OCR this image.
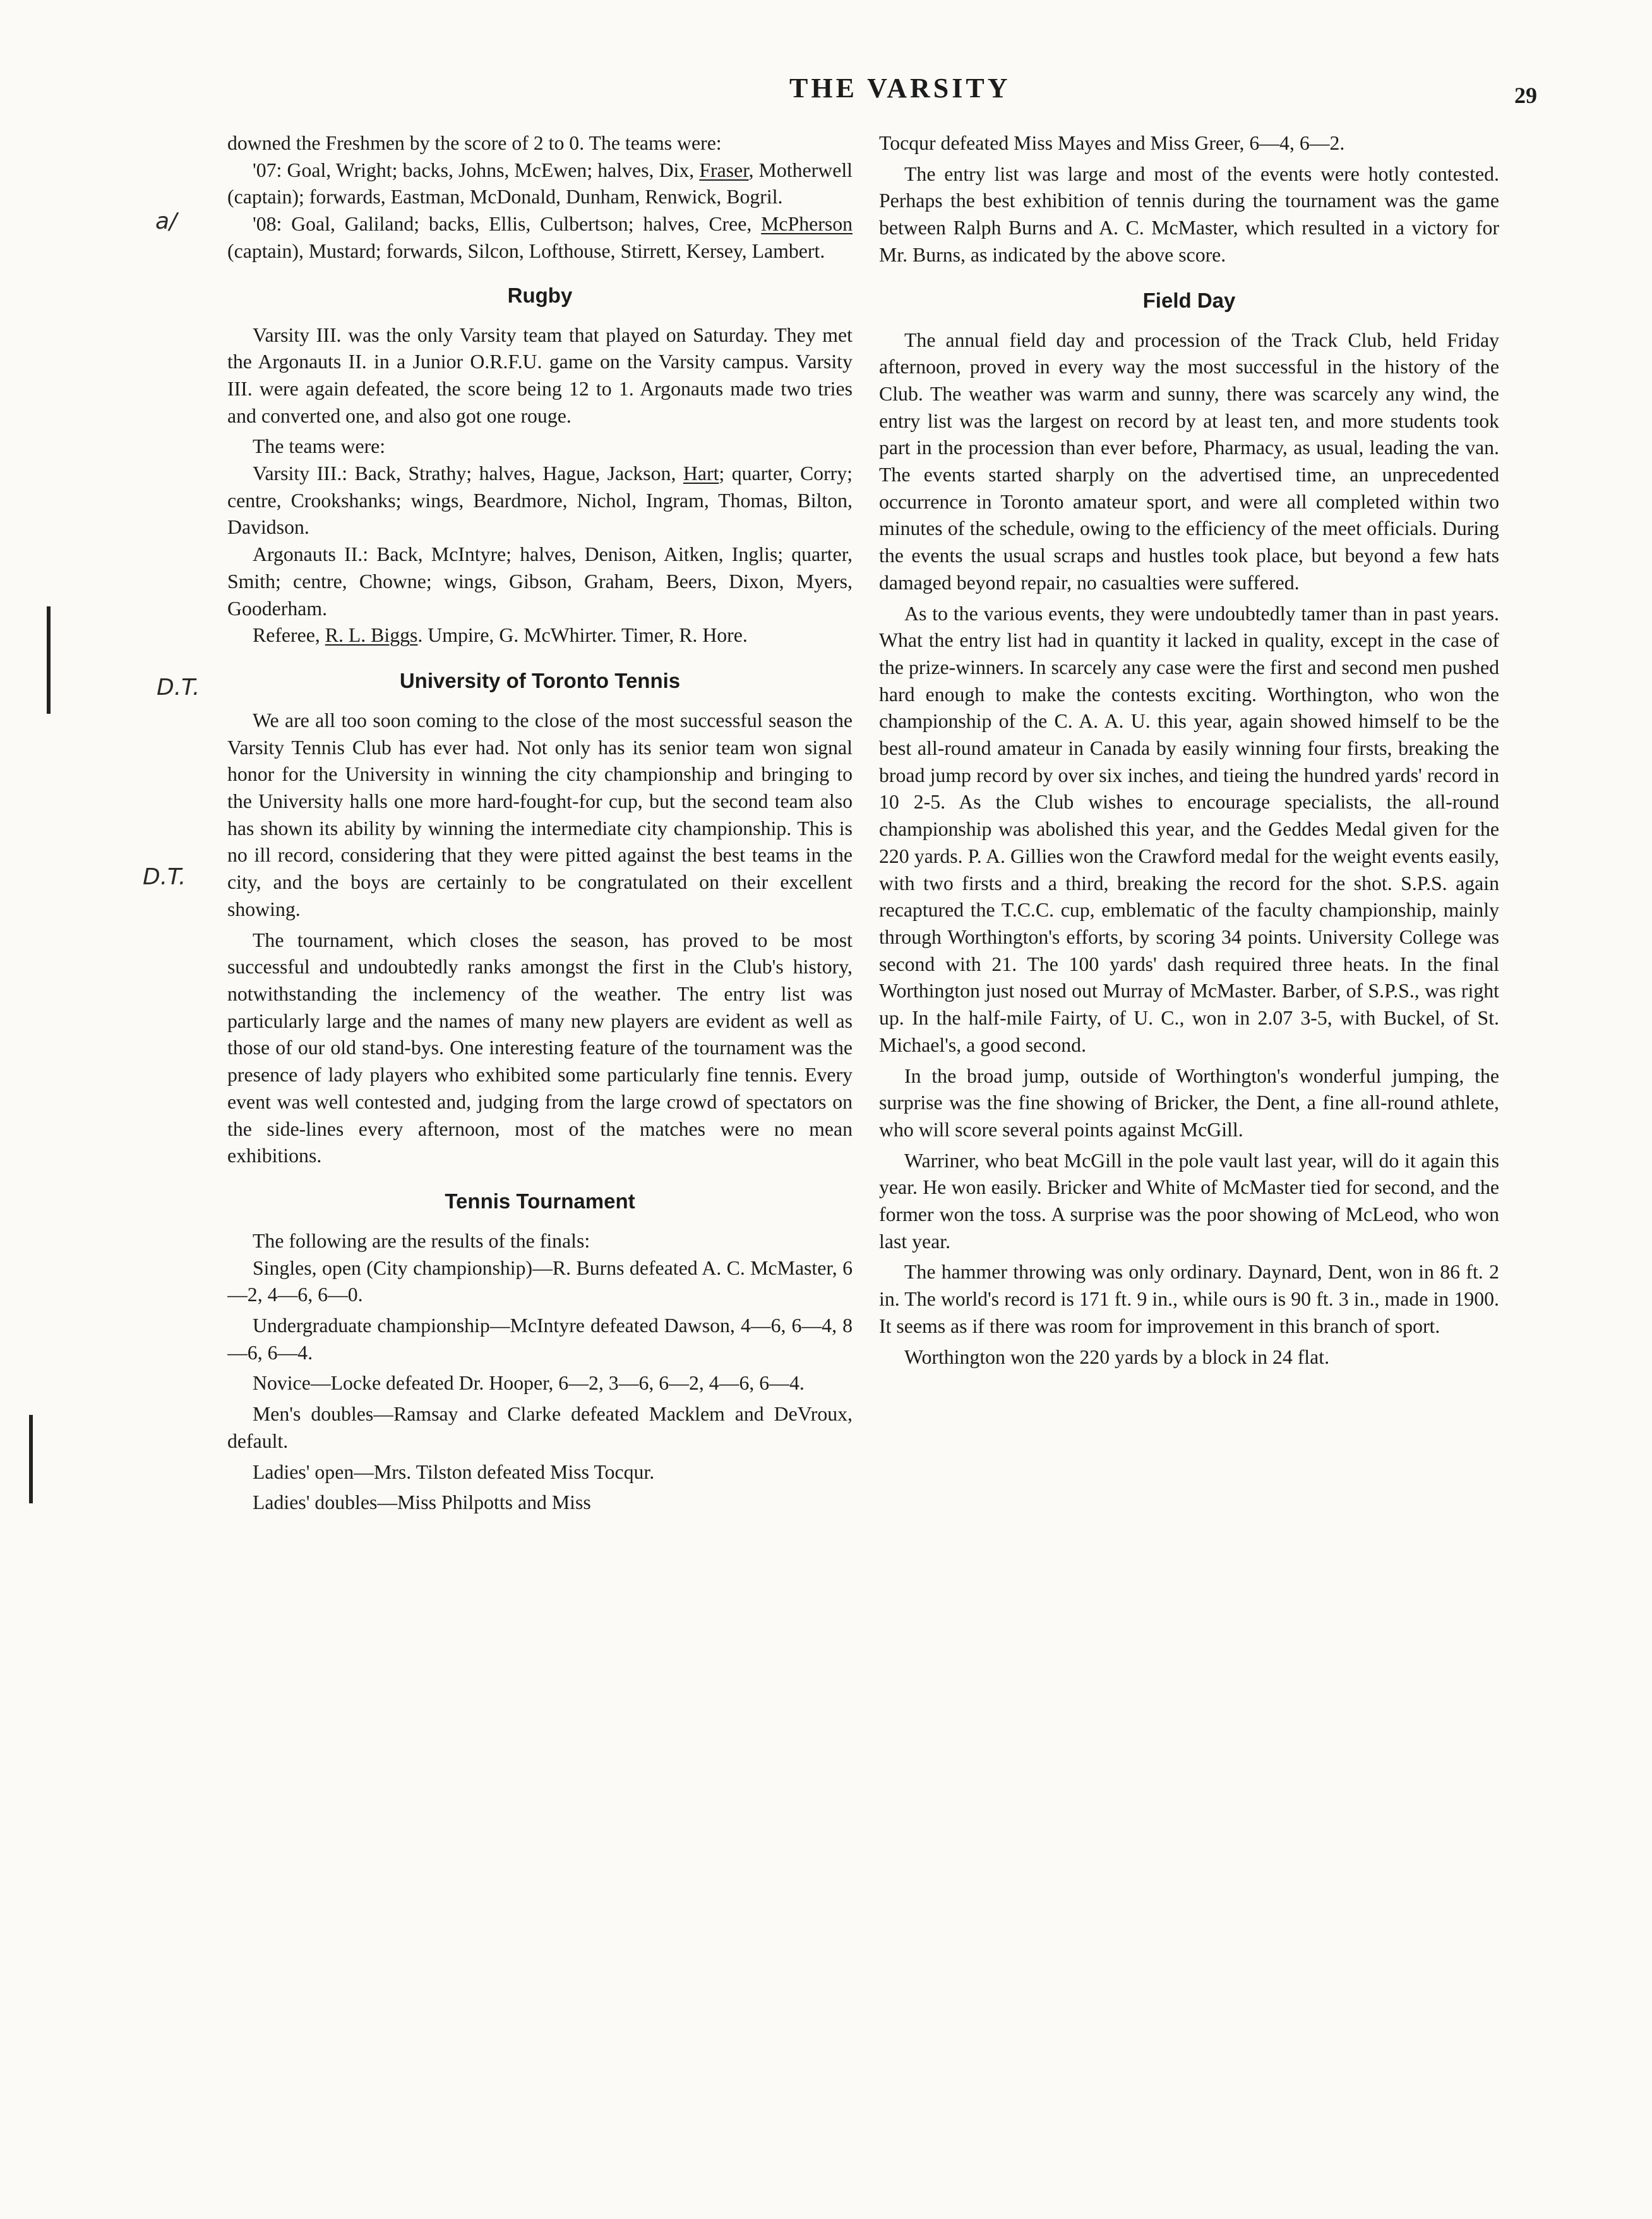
THE VARSITY	29
a/
D.T.
D.T.

downed the Freshmen by the score of 2 to 0. The teams were:

'07: Goal, Wright; backs, Johns, McEwen; halves, Dix, Fraser, Motherwell (captain); forwards, Eastman, McDonald, Dunham, Renwick, Bogril.

'08: Goal, Galiland; backs, Ellis, Culbertson; halves, Cree, McPherson (captain), Mustard; forwards, Silcon, Lofthouse, Stirrett, Kersey, Lambert.

Rugby

Varsity III. was the only Varsity team that played on Saturday. They met the Argonauts II. in a Junior O.R.F.U. game on the Varsity campus. Varsity III. were again defeated, the score being 12 to 1. Argonauts made two tries and converted one, and also got one rouge.

The teams were:

Varsity III.: Back, Strathy; halves, Hague, Jackson, Hart; quarter, Corry; centre, Crookshanks; wings, Beardmore, Nichol, Ingram, Thomas, Bilton, Davidson.

Argonauts II.: Back, McIntyre; halves, Denison, Aitken, Inglis; quarter, Smith; centre, Chowne; wings, Gibson, Graham, Beers, Dixon, Myers, Gooderham.

Referee, R. L. Biggs. Umpire, G. McWhirter. Timer, R. Hore.

University of Toronto Tennis

We are all too soon coming to the close of the most successful season the Varsity Tennis Club has ever had. Not only has its senior team won signal honor for the University in winning the city championship and bringing to the University halls one more hard-fought-for cup, but the second team also has shown its ability by winning the intermediate city championship. This is no ill record, considering that they were pitted against the best teams in the city, and the boys are certainly to be congratulated on their excellent showing.

The tournament, which closes the season, has proved to be most successful and undoubtedly ranks amongst the first in the Club's history, notwithstanding the inclemency of the weather. The entry list was particularly large and the names of many new players are evident as well as those of our old stand-bys. One interesting feature of the tournament was the presence of lady players who exhibited some particularly fine tennis. Every event was well contested and, judging from the large crowd of spectators on the side-lines every afternoon, most of the matches were no mean exhibitions.

Tennis Tournament

The following are the results of the finals:

Singles, open (City championship)—R. Burns defeated A. C. McMaster, 6—2, 4—6, 6—0.

Undergraduate championship—McIntyre defeated Dawson, 4—6, 6—4, 8—6, 6—4.

Novice—Locke defeated Dr. Hooper, 6—2, 3—6, 6—2, 4—6, 6—4.

Men's doubles—Ramsay and Clarke defeated Macklem and DeVroux, default.

Ladies' open—Mrs. Tilston defeated Miss Tocqur.

Ladies' doubles—Miss Philpotts and Miss

Tocqur defeated Miss Mayes and Miss Greer, 6—4, 6—2.

The entry list was large and most of the events were hotly contested. Perhaps the best exhibition of tennis during the tournament was the game between Ralph Burns and A. C. McMaster, which resulted in a victory for Mr. Burns, as indicated by the above score.

Field Day

The annual field day and procession of the Track Club, held Friday afternoon, proved in every way the most successful in the history of the Club. The weather was warm and sunny, there was scarcely any wind, the entry list was the largest on record by at least ten, and more students took part in the procession than ever before, Pharmacy, as usual, leading the van. The events started sharply on the advertised time, an unprecedented occurrence in Toronto amateur sport, and were all completed within two minutes of the schedule, owing to the efficiency of the meet officials. During the events the usual scraps and hustles took place, but beyond a few hats damaged beyond repair, no casualties were suffered.

As to the various events, they were undoubtedly tamer than in past years. What the entry list had in quantity it lacked in quality, except in the case of the prize-winners. In scarcely any case were the first and second men pushed hard enough to make the contests exciting. Worthington, who won the championship of the C. A. A. U. this year, again showed himself to be the best all-round amateur in Canada by easily winning four firsts, breaking the broad jump record by over six inches, and tieing the hundred yards' record in 10 2-5. As the Club wishes to encourage specialists, the all-round championship was abolished this year, and the Geddes Medal given for the 220 yards. P. A. Gillies won the Crawford medal for the weight events easily, with two firsts and a third, breaking the record for the shot. S.P.S. again recaptured the T.C.C. cup, emblematic of the faculty championship, mainly through Worthington's efforts, by scoring 34 points. University College was second with 21. The 100 yards' dash required three heats. In the final Worthington just nosed out Murray of McMaster. Barber, of S.P.S., was right up. In the half-mile Fairty, of U. C., won in 2.07 3-5, with Buckel, of St. Michael's, a good second.

In the broad jump, outside of Worthington's wonderful jumping, the surprise was the fine showing of Bricker, the Dent, a fine all-round athlete, who will score several points against McGill.

Warriner, who beat McGill in the pole vault last year, will do it again this year. He won easily. Bricker and White of McMaster tied for second, and the former won the toss. A surprise was the poor showing of McLeod, who won last year.

The hammer throwing was only ordinary. Daynard, Dent, won in 86 ft. 2 in. The world's record is 171 ft. 9 in., while ours is 90 ft. 3 in., made in 1900. It seems as if there was room for improvement in this branch of sport.

Worthington won the 220 yards by a block in 24 flat.
